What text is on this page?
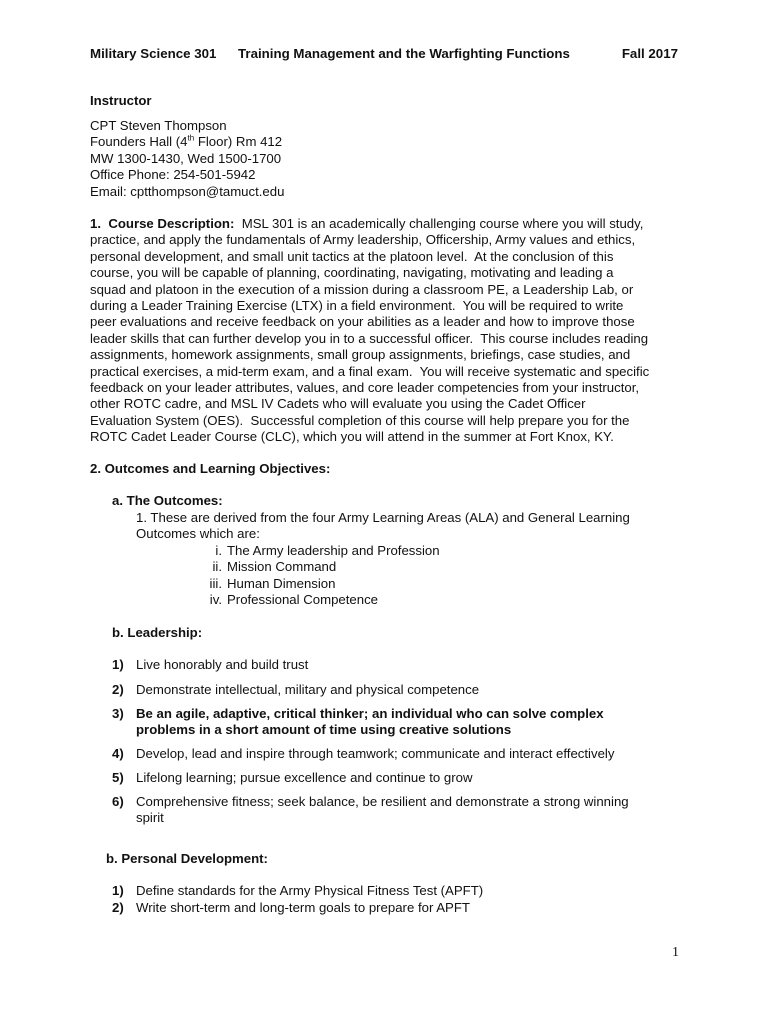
Military Science 301 Training Management and the Warfighting Functions	Fall 2017
Instructor
CPT Steven Thompson
Founders Hall (4th Floor) Rm 412
MW 1300-1430, Wed 1500-1700
Office Phone: 254-501-5942
Email: cptthompson@tamuct.edu
1.  Course Description:  MSL 301 is an academically challenging course where you will study,
practice, and apply the fundamentals of Army leadership, Officership, Army values and ethics,
personal development, and small unit tactics at the platoon level.  At the conclusion of this
course, you will be capable of planning, coordinating, navigating, motivating and leading a
squad and platoon in the execution of a mission during a classroom PE, a Leadership Lab, or
during a Leader Training Exercise (LTX) in a field environment.  You will be required to write
peer evaluations and receive feedback on your abilities as a leader and how to improve those
leader skills that can further develop you in to a successful officer.  This course includes reading
assignments, homework assignments, small group assignments, briefings, case studies, and
practical exercises, a mid-term exam, and a final exam.  You will receive systematic and specific
feedback on your leader attributes, values, and core leader competencies from your instructor,
other ROTC cadre, and MSL IV Cadets who will evaluate you using the Cadet Officer
Evaluation System (OES).  Successful completion of this course will help prepare you for the
ROTC Cadet Leader Course (CLC), which you will attend in the summer at Fort Knox, KY.
2. Outcomes and Learning Objectives:
a. The Outcomes:
1. These are derived from the four Army Learning Areas (ALA) and General Learning
Outcomes which are:
i. The Army leadership and Profession
ii. Mission Command
iii. Human Dimension
iv. Professional Competence
b. Leadership:
1) Live honorably and build trust
2) Demonstrate intellectual, military and physical competence
3) Be an agile, adaptive, critical thinker; an individual who can solve complex
problems in a short amount of time using creative solutions
4) Develop, lead and inspire through teamwork; communicate and interact effectively
5) Lifelong learning; pursue excellence and continue to grow
6) Comprehensive fitness; seek balance, be resilient and demonstrate a strong winning
spirit
b. Personal Development:
1) Define standards for the Army Physical Fitness Test (APFT)
2) Write short-term and long-term goals to prepare for APFT
1
